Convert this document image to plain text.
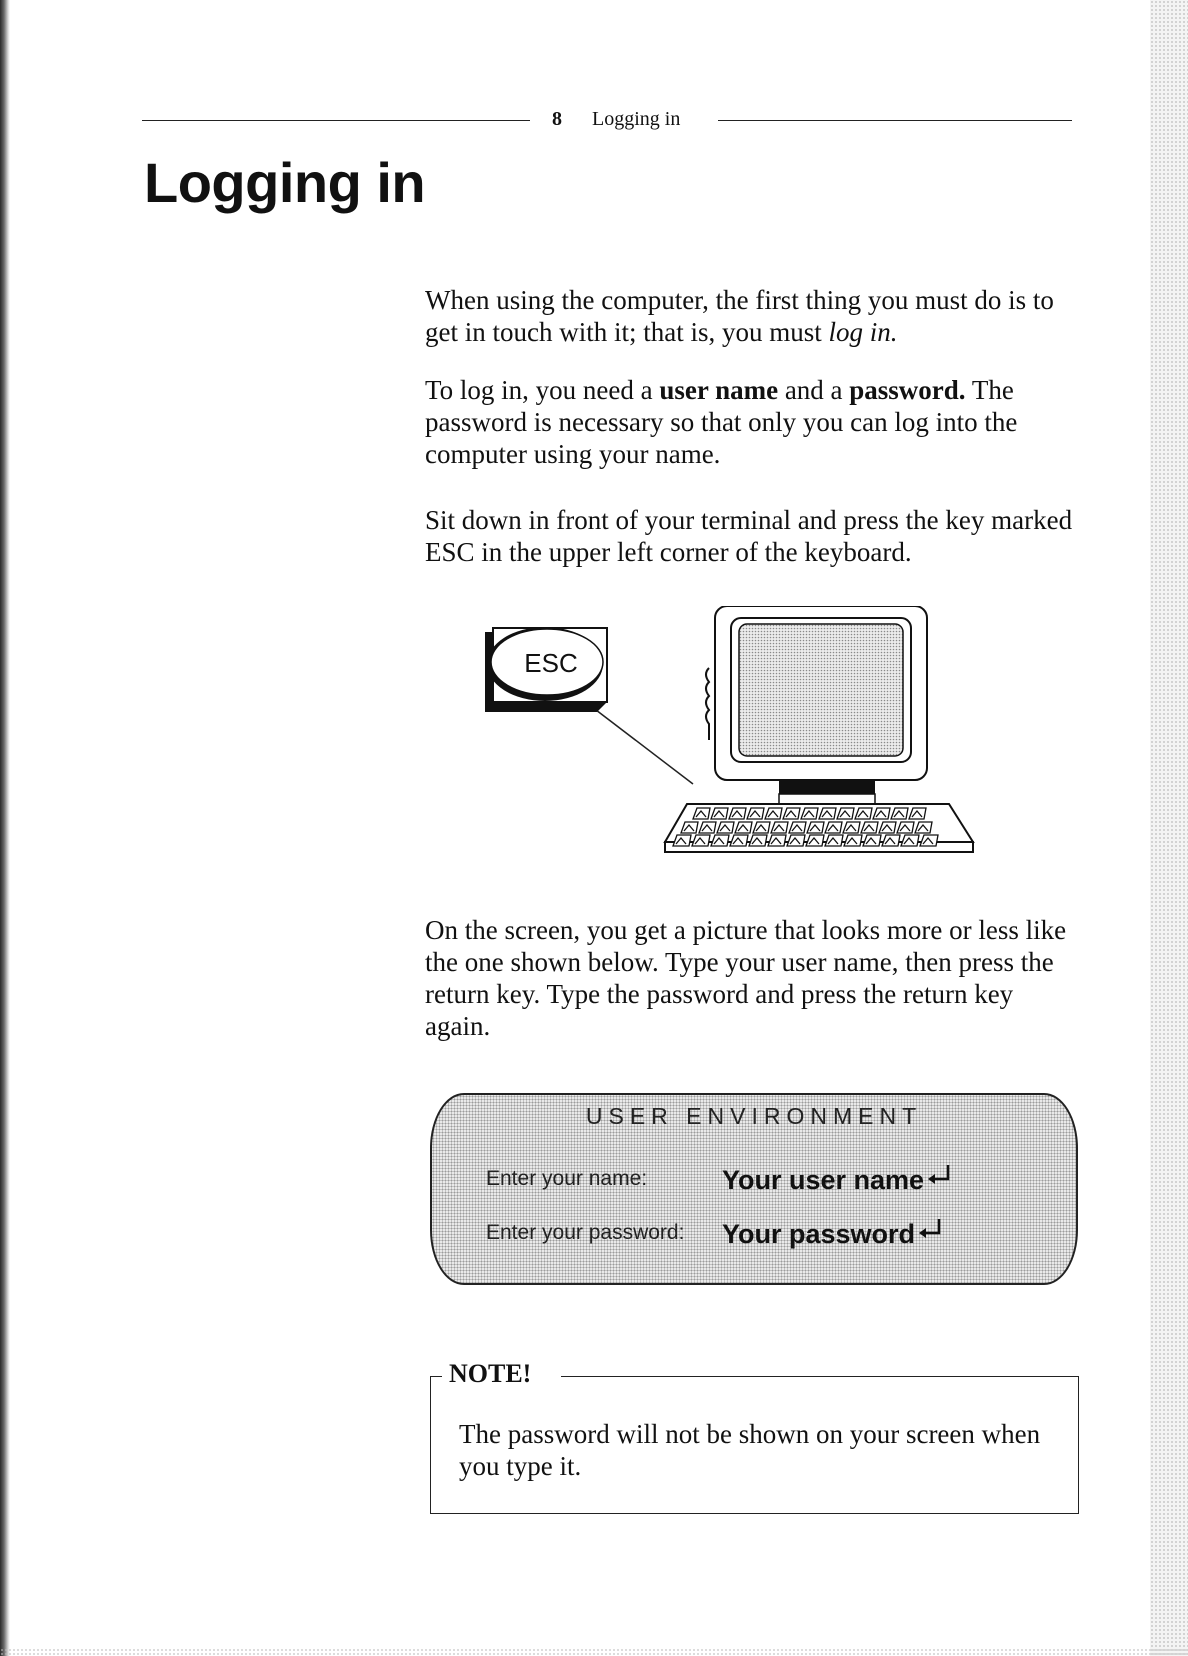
8 Logging in
Logging in

When using the computer, the first thing you must do is to get in touch with it; that is, you must log in.

To log in, you need a user name and a password. The password is necessary so that only you can log into the computer using your name.

Sit down in front of your terminal and press the key marked ESC in the upper left corner of the keyboard.

ESC

On the screen, you get a picture that looks more or less like the one shown below. Type your user name, then press the return key. Type the password and press the return key again.

USER ENVIRONMENT
Enter your name:	Your user name
Enter your password: Your password
NOTE!

The password will not be shown on your screen when you type it.
